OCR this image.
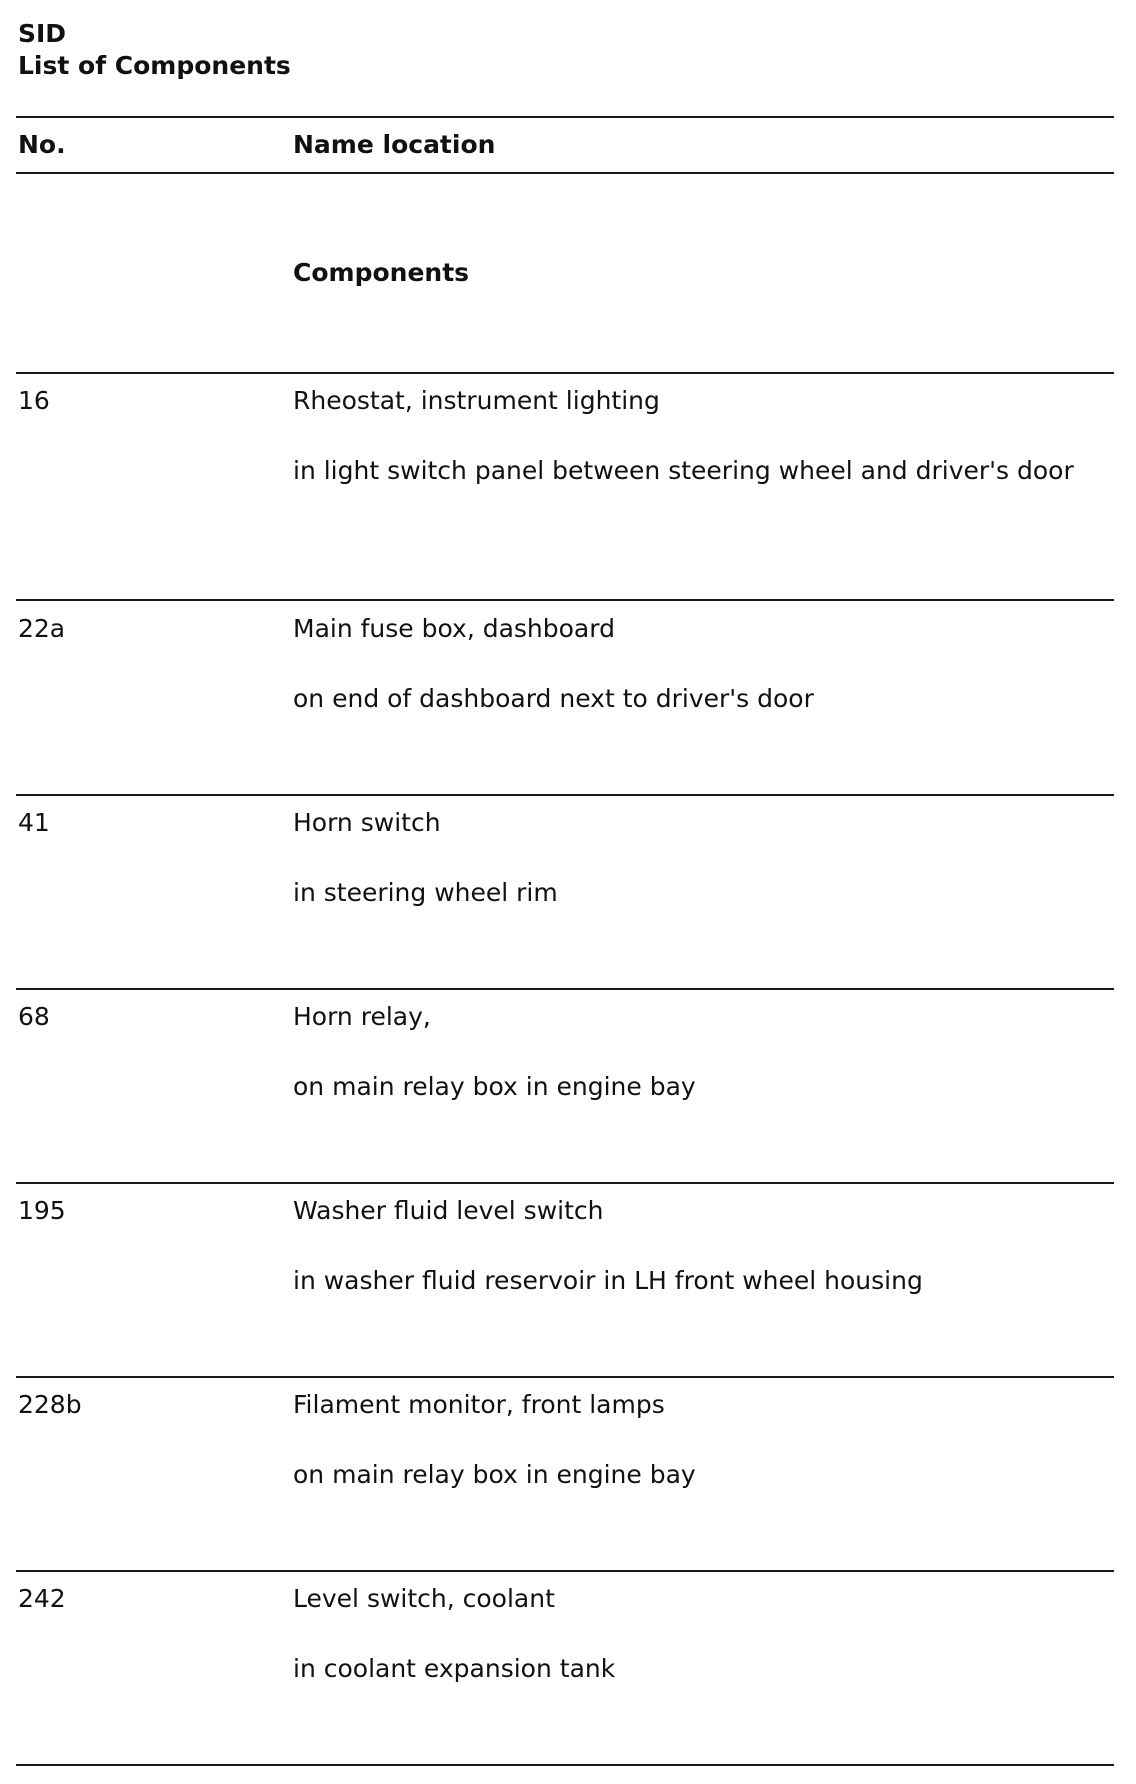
SID
List of Components
No.	Name location
Components
16	Rheostat, instrument lighting
in light switch panel between steering wheel and driver's door
22a	Main fuse box, dashboard
on end of dashboard next to driver's door
41	Horn switch
in steering wheel rim
68	Horn relay,
on main relay box in engine bay
195	Washer fluid level switch
in washer fluid reservoir in LH front wheel housing
228b	Filament monitor, front lamps
on main relay box in engine bay
242	Level switch, coolant
in coolant expansion tank
